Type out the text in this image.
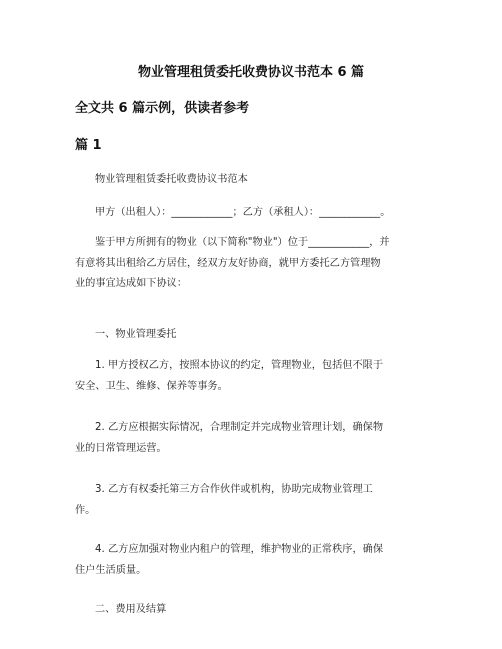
物业管理租赁委托收费协议书范本 6 篇
全文共 6 篇示例，供读者参考
篇 1
物业管理租赁委托收费协议书范本
甲方（出租人）：____________；乙方（承租人）：____________。
鉴于甲方所拥有的物业（以下简称"物业"）位于____________，并
有意将其出租给乙方居住，经双方友好协商，就甲方委托乙方管理物
业的事宜达成如下协议：
一、物业管理委托
1. 甲方授权乙方，按照本协议的约定，管理物业，包括但不限于
安全、卫生、维修、保养等事务。
2. 乙方应根据实际情况，合理制定并完成物业管理计划，确保物
业的日常管理运营。
3. 乙方有权委托第三方合作伙伴或机构，协助完成物业管理工
作。
4. 乙方应加强对物业内租户的管理，维护物业的正常秩序，确保
住户生活质量。
二、费用及结算
